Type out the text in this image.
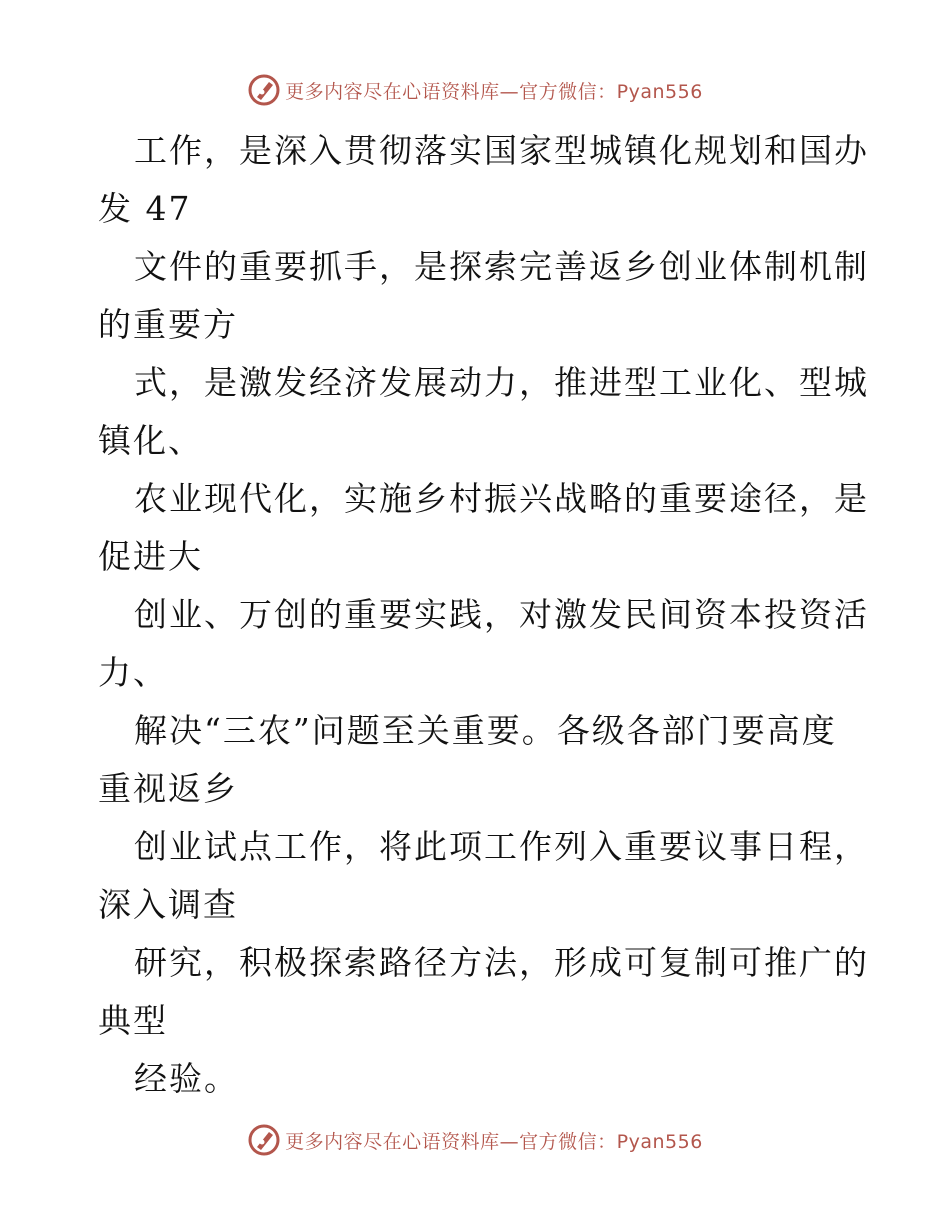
更多内容尽在心语资料库—官方微信：Pyan556

工作，是深入贯彻落实国家型城镇化规划和国办

发 47

文件的重要抓手，是探索完善返乡创业体制机制

的重要方

式，是激发经济发展动力，推进型工业化、型城

镇化、

农业现代化，实施乡村振兴战略的重要途径，是

促进大

创业、万创的重要实践，对激发民间资本投资活

力、

解决“三农”问题至关重要。各级各部门要高度

重视返乡

创业试点工作，将此项工作列入重要议事日程，

深入调查

研究，积极探索路径方法，形成可复制可推广的

典型

经验。

更多内容尽在心语资料库—官方微信：Pyan556
